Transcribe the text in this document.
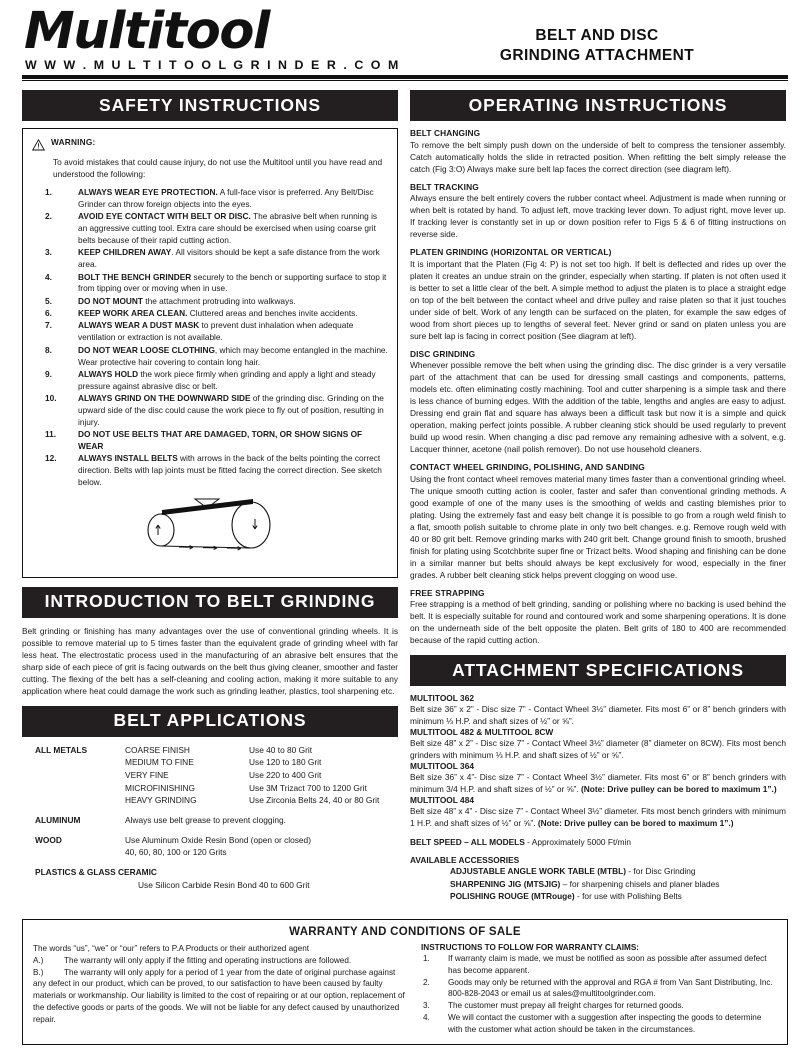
Multitool
W W W . M U L T I T O O L G R I N D E R . C O M
BELT AND DISC
GRINDING ATTACHMENT
SAFETY INSTRUCTIONS
WARNING:
To avoid mistakes that could cause injury, do not use the Multitool until you have read and understood the following:
1.	ALWAYS WEAR EYE PROTECTION. A full-face visor is preferred. Any Belt/Disc Grinder can throw foreign objects into the eyes.
2.	AVOID EYE CONTACT WITH BELT OR DISC. The abrasive belt when running is an aggressive cutting tool. Extra care should be exercised when using coarse grit belts because of their rapid cutting action.
3.	KEEP CHILDREN AWAY. All visitors should be kept a safe distance from the work area.
4.	BOLT THE BENCH GRINDER securely to the bench or supporting surface to stop it from tipping over or moving when in use.
5.	DO NOT MOUNT the attachment protruding into walkways.
6.	KEEP WORK AREA CLEAN. Cluttered areas and benches invite accidents.
7.	ALWAYS WEAR A DUST MASK to prevent dust inhalation when adequate ventilation or extraction is not available.
8.	DO NOT WEAR LOOSE CLOTHING, which may become entangled in the machine. Wear protective hair covering to contain long hair.
9.	ALWAYS HOLD the work piece firmly when grinding and apply a light and steady pressure against abrasive disc or belt.
10.	ALWAYS GRIND ON THE DOWNWARD SIDE of the grinding disc. Grinding on the upward side of the disc could cause the work piece to fly out of position, resulting in injury.
11.	DO NOT USE BELTS THAT ARE DAMAGED, TORN, OR SHOW SIGNS OF WEAR
12.	ALWAYS INSTALL BELTS with arrows in the back of the belts pointing the correct direction. Belts with lap joints must be fitted facing the correct direction. See sketch below.
INTRODUCTION TO BELT GRINDING
Belt grinding or finishing has many advantages over the use of conventional grinding wheels. It is possible to remove material up to 5 times faster than the equivalent grade of grinding wheel with far less heat. The electrostatic process used in the manufacturing of an abrasive belt ensures that the sharp side of each piece of grit is facing outwards on the belt thus giving cleaner, smoother and faster cutting. The flexing of the belt has a self-cleaning and cooling action, making it more suitable to any application where heat could damage the work such as grinding leather, plastics, tool sharpening etc.
BELT APPLICATIONS
ALL METALS	COARSE FINISH	Use 40 to 80 Grit
MEDIUM TO FINE	Use 120 to 180 Grit
VERY FINE	Use 220 to 400 Grit
MICROFINISHING	Use 3M Trizact 700 to 1200 Grit
HEAVY GRINDING	Use Zirconia Belts 24, 40 or 80 Grit
ALUMINUM	Always use belt grease to prevent clogging.
WOOD	Use Aluminum Oxide Resin Bond (open or closed)
40, 60, 80, 100 or 120 Grits
PLASTICS & GLASS CERAMIC
Use Silicon Carbide Resin Bond 40 to 600 Grit
OPERATING INSTRUCTIONS
BELT CHANGING
To remove the belt simply push down on the underside of belt to compress the tensioner assembly. Catch automatically holds the slide in retracted position. When refitting the belt simply release the catch (Fig 3:O) Always make sure belt lap faces the correct direction (see diagram left).
BELT TRACKING
Always ensure the belt entirely covers the rubber contact wheel. Adjustment is made when running or when belt is rotated by hand. To adjust left, move tracking lever down. To adjust right, move lever up. If tracking lever is constantly set in up or down position refer to Figs 5 & 6 of fitting instructions on reverse side.
PLATEN GRINDING (HORIZONTAL OR VERTICAL)
It is important that the Platen (Fig 4: P) is not set too high. If belt is deflected and rides up over the platen it creates an undue strain on the grinder, especially when starting. If platen is not often used it is better to set a little clear of the belt. A simple method to adjust the platen is to place a straight edge on top of the belt between the contact wheel and drive pulley and raise platen so that it just touches under side of belt. Work of any length can be surfaced on the platen, for example the saw edges of wood from short pieces up to lengths of several feet. Never grind or sand on platen unless you are sure belt lap is facing in correct position (See diagram at left).
DISC GRINDING
Whenever possible remove the belt when using the grinding disc. The disc grinder is a very versatile part of the attachment that can be used for dressing small castings and components, patterns, models etc. often eliminating costly machining. Tool and cutter sharpening is a simple task and there is less chance of burning edges. With the addition of the table, lengths and angles are easy to adjust. Dressing end grain flat and square has always been a difficult task but now it is a simple and quick operation, making perfect joints possible. A rubber cleaning stick should be used regularly to prevent build up wood resin. When changing a disc pad remove any remaining adhesive with a solvent, e.g. Lacquer thinner, acetone (nail polish remover). Do not use household cleaners.
CONTACT WHEEL GRINDING, POLISHING, AND SANDING
Using the front contact wheel removes material many times faster than a conventional grinding wheel. The unique smooth cutting action is cooler, faster and safer than conventional grinding methods. A good example of one of the many uses is the smoothing of welds and casting blemishes prior to plating. Using the extremely fast and easy belt change it is possible to go from a rough weld finish to a flat, smooth polish suitable to chrome plate in only two belt changes. e.g. Remove rough weld with 40 or 80 grit belt. Remove grinding marks with 240 grit belt. Change ground finish to smooth, brushed finish for plating using Scotchbrite super fine or Trizact belts. Wood shaping and finishing can be done in a similar manner but belts should always be kept exclusively for wood, especially in the finer grades. A rubber belt cleaning stick helps prevent clogging on wood use.
FREE STRAPPING
Free strapping is a method of belt grinding, sanding or polishing where no backing is used behind the belt. It is especially suitable for round and contoured work and some sharpening operations. It is done on the underneath side of the belt opposite the platen. Belt grits of 180 to 400 are recommended because of the rapid cutting action.
ATTACHMENT SPECIFICATIONS
MULTITOOL 362
Belt size 36” x 2” - Disc size 7” - Contact Wheel 3½” diameter. Fits most 6” or 8” bench grinders with minimum ⅓ H.P. and shaft sizes of ½” or ⅝”.
MULTITOOL 482 & MULTITOOL 8CW
Belt size 48” x 2” - Disc size 7” - Contact Wheel 3½” diameter (8” diameter on 8CW). Fits most bench grinders with minimum ⅓ H.P. and shaft sizes of ½” or ⅝”.
MULTITOOL 364
Belt size 36” x 4”- Disc size 7” - Contact Wheel 3½” diameter. Fits most 6” or 8” bench grinders with minimum 3/4 H.P. and shaft sizes of ½” or ⅝”. (Note: Drive pulley can be bored to maximum 1”.)
MULTITOOL 484
Belt size 48” x 4” - Disc size 7” - Contact Wheel 3½” diameter. Fits most bench grinders with minimum 1 H.P. and shaft sizes of ½” or ⅝”. (Note: Drive pulley can be bored to maximum 1”.)
BELT SPEED – ALL MODELS - Approximately 5000 Ft/min
AVAILABLE ACCESSORIES
ADJUSTABLE ANGLE WORK TABLE (MTBL) - for Disc Grinding
SHARPENING JIG (MTSJIG) – for sharpening chisels and planer blades
POLISHING ROUGE (MTRouge) - for use with Polishing Belts
WARRANTY AND CONDITIONS OF SALE
The words “us”, “we” or “our” refers to P.A Products or their authorized agent
A.)	The warranty will only apply if the fitting and operating instructions are followed.
B.)	The warranty will only apply for a period of 1 year from the date of original purchase against any defect in our product, which can be proved, to our satisfaction to have been caused by faulty materials or workmanship. Our liability is limited to the cost of repairing or at our option, replacement of the defective goods or parts of the goods. We will not be liable for any defect caused by unauthorized repair.
INSTRUCTIONS TO FOLLOW FOR WARRANTY CLAIMS:
1. If warranty claim is made, we must be notified as soon as possible after assumed defect has become apparent.
2. Goods may only be returned with the approval and RGA # from Van Sant Distributing, Inc. 800-828-2043 or email us at sales@multitoolgrinder.com.
3. The customer must prepay all freight charges for returned goods.
4. We will contact the customer with a suggestion after inspecting the goods to determine with the customer what action should be taken in the circumstances.
